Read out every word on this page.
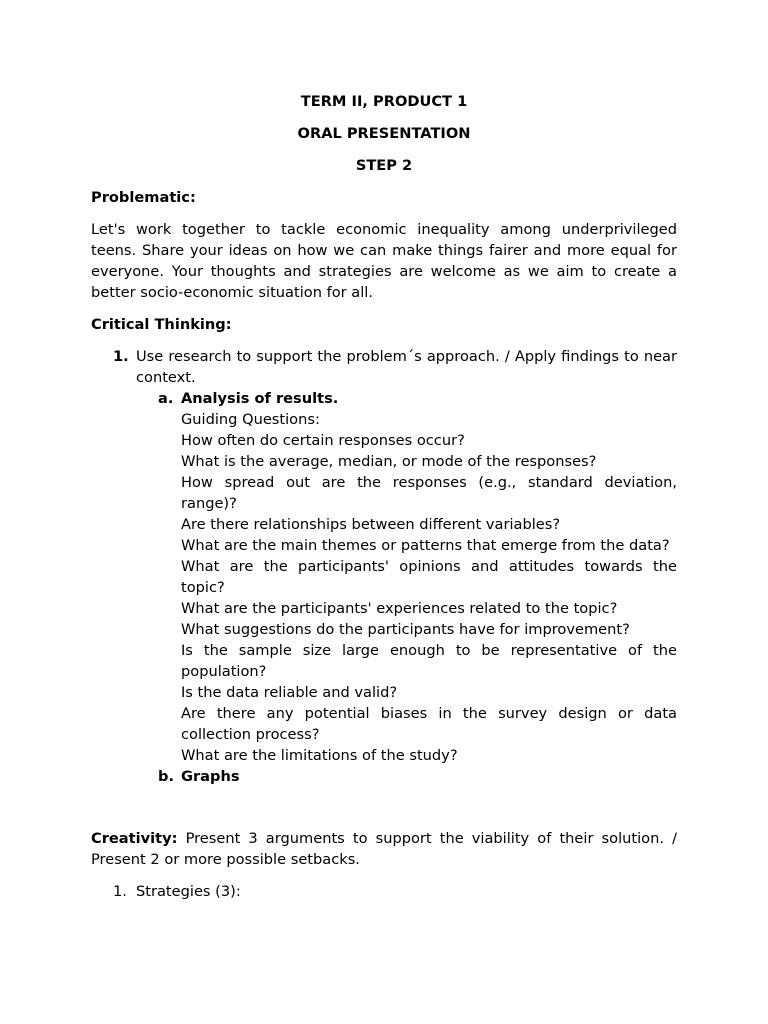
TERM II, PRODUCT 1
ORAL PRESENTATION
STEP 2
Problematic:
Let's work together to tackle economic inequality among underprivileged teens. Share your ideas on how we can make things fairer and more equal for everyone. Your thoughts and strategies are welcome as we aim to create a better socio-economic situation for all.
Critical Thinking:
1. Use research to support the problem´s approach. / Apply findings to near context.
a. Analysis of results.
Guiding Questions:
How often do certain responses occur?
What is the average, median, or mode of the responses?
How spread out are the responses (e.g., standard deviation, range)?
Are there relationships between different variables?
What are the main themes or patterns that emerge from the data?
What are the participants' opinions and attitudes towards the topic?
What are the participants' experiences related to the topic?
What suggestions do the participants have for improvement?
Is the sample size large enough to be representative of the population?
Is the data reliable and valid?
Are there any potential biases in the survey design or data collection process?
What are the limitations of the study?
b. Graphs
Creativity: Present 3 arguments to support the viability of their solution. / Present 2 or more possible setbacks.
1. Strategies (3):
